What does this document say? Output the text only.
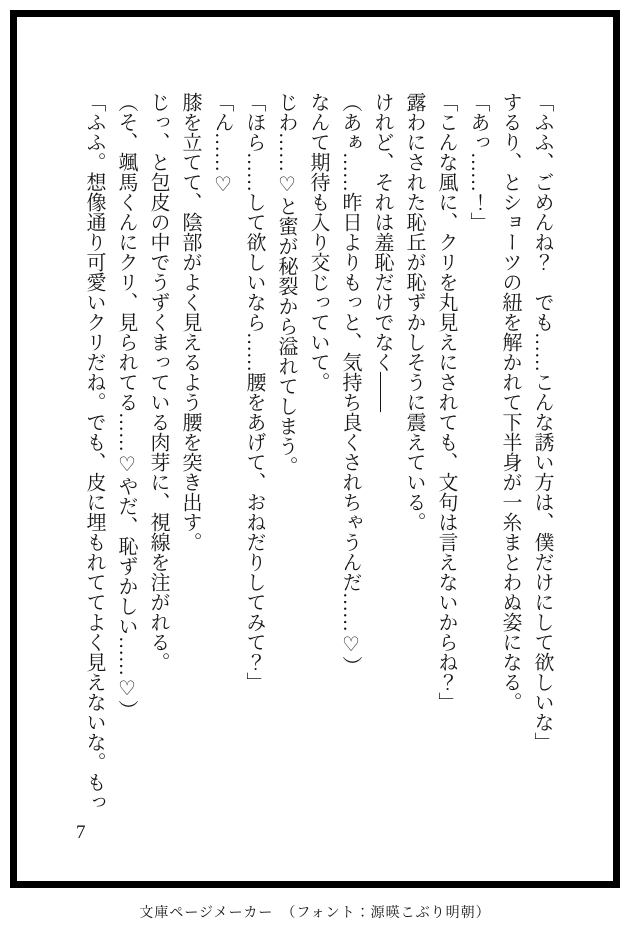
「ふふ、ごめんね？　でも……こんな誘い方は、僕だけにして欲しいな」
するり、とショーツの紐を解かれて下半身が一糸まとわぬ姿になる。
「あっ……！」
「こんな風に、クリを丸見えにされても、文句は言えないからね？」
露わにされた恥丘が恥ずかしそうに震えている。
けれど、それは羞恥だけでなく――
（あぁ……昨日よりもっと、気持ち良くされちゃうんだ……♡）
なんて期待も入り交じっていて。
じわ……♡と蜜が秘裂から溢れてしまう。
「ほら……して欲しいなら……腰をあげて、おねだりしてみて？」
「ん……♡
膝を立てて、陰部がよく見えるよう腰を突き出す。
じっ、と包皮の中でうずくまっている肉芽に、視線を注がれる。
（そ、颯馬くんにクリ、見られてる……♡やだ、恥ずかしい……♡）
「ふふ。想像通り可愛いクリだね。でも、皮に埋もれててよく見えないな。もっ
7
文庫ページメーカー　（フォント：源暎こぶり明朝）
